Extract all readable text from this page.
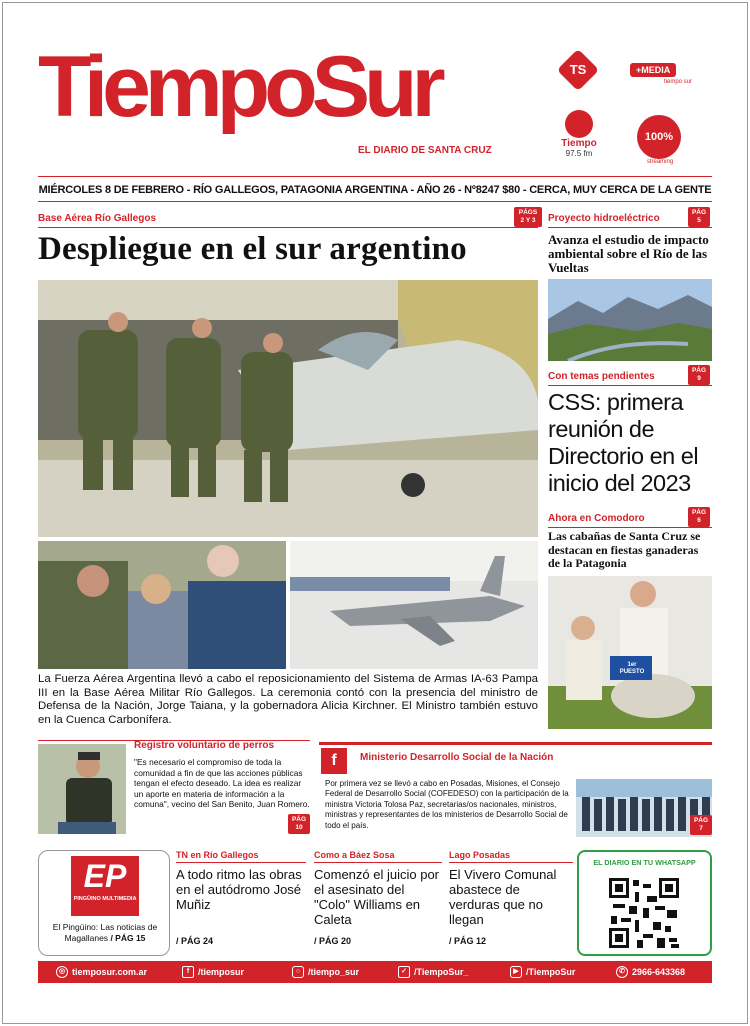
TiempoSur
EL DIARIO DE SANTA CRUZ
TS	+MEDIA
tiempo sur
Tiempo
97.5 fm
100%
streaming
MIÉRCOLES 8 DE FEBRERO - RÍO GALLEGOS, PATAGONIA ARGENTINA - AÑO 26 - Nº8247 $80 - CERCA, MUY CERCA DE LA GENTE
Base Aérea Río Gallegos
PÁGS 2 Y 3
Despliegue en el sur argentino
La Fuerza Aérea Argentina llevó a cabo el reposicionamiento del Sistema de Armas IA-63 Pampa III en la Base Aérea Militar Río Gallegos. La ceremonia contó con la presencia del ministro de Defensa de la Nación, Jorge Taiana, y la gobernadora Alicia Kirchner. El Ministro también estuvo en la Cuenca Carbonífera.
Proyecto hidroeléctrico
PÁG 5
Avanza el estudio de impacto ambiental sobre el Río de las Vueltas
Con temas pendientes
PÁG 9
CSS: primera reunión de Directorio en el inicio del 2023
Ahora en Comodoro
PÁG 6
Las cabañas de Santa Cruz se destacan en fiestas ganaderas de la Patagonia
1er PUESTO
Registro voluntario de perros
"Es necesario el compromiso de toda la comunidad a fin de que las acciones públicas tengan el efecto deseado. La idea es realizar un aporte en materia de información a la comuna", vecino del San Benito, Juan Romero.
PÁG 10
f	Ministerio Desarrollo Social de la Nación
Por primera vez se llevó a cabo en Posadas, Misiones, el Consejo Federal de Desarrollo Social (COFEDESO) con la participación de la ministra Victoria Tolosa Paz, secretarias/os nacionales, ministros, ministras y representantes de los ministerios de Desarrollo Social de todo el país.
PÁG 7
EP
PINGÜINO MULTIMEDIA
El Pingüino: Las noticias de Magallanes / PÁG 15
TN en Río Gallegos
A todo ritmo las obras en el autódromo José Muñiz
/ PÁG 24
Como a Báez Sosa
Comenzó el juicio por el asesinato del "Colo" Williams en Caleta
/ PÁG 20
Lago Posadas
El Vivero Comunal abastece de verduras que no llegan
/ PÁG 12
EL DIARIO EN TU WHATSAPP
◎ tiemposur.com.ar	f /tiemposur	○ /tiempo_sur	✓ /TiempoSur_	▶ /TiempoSur	✆ 2966-643368
